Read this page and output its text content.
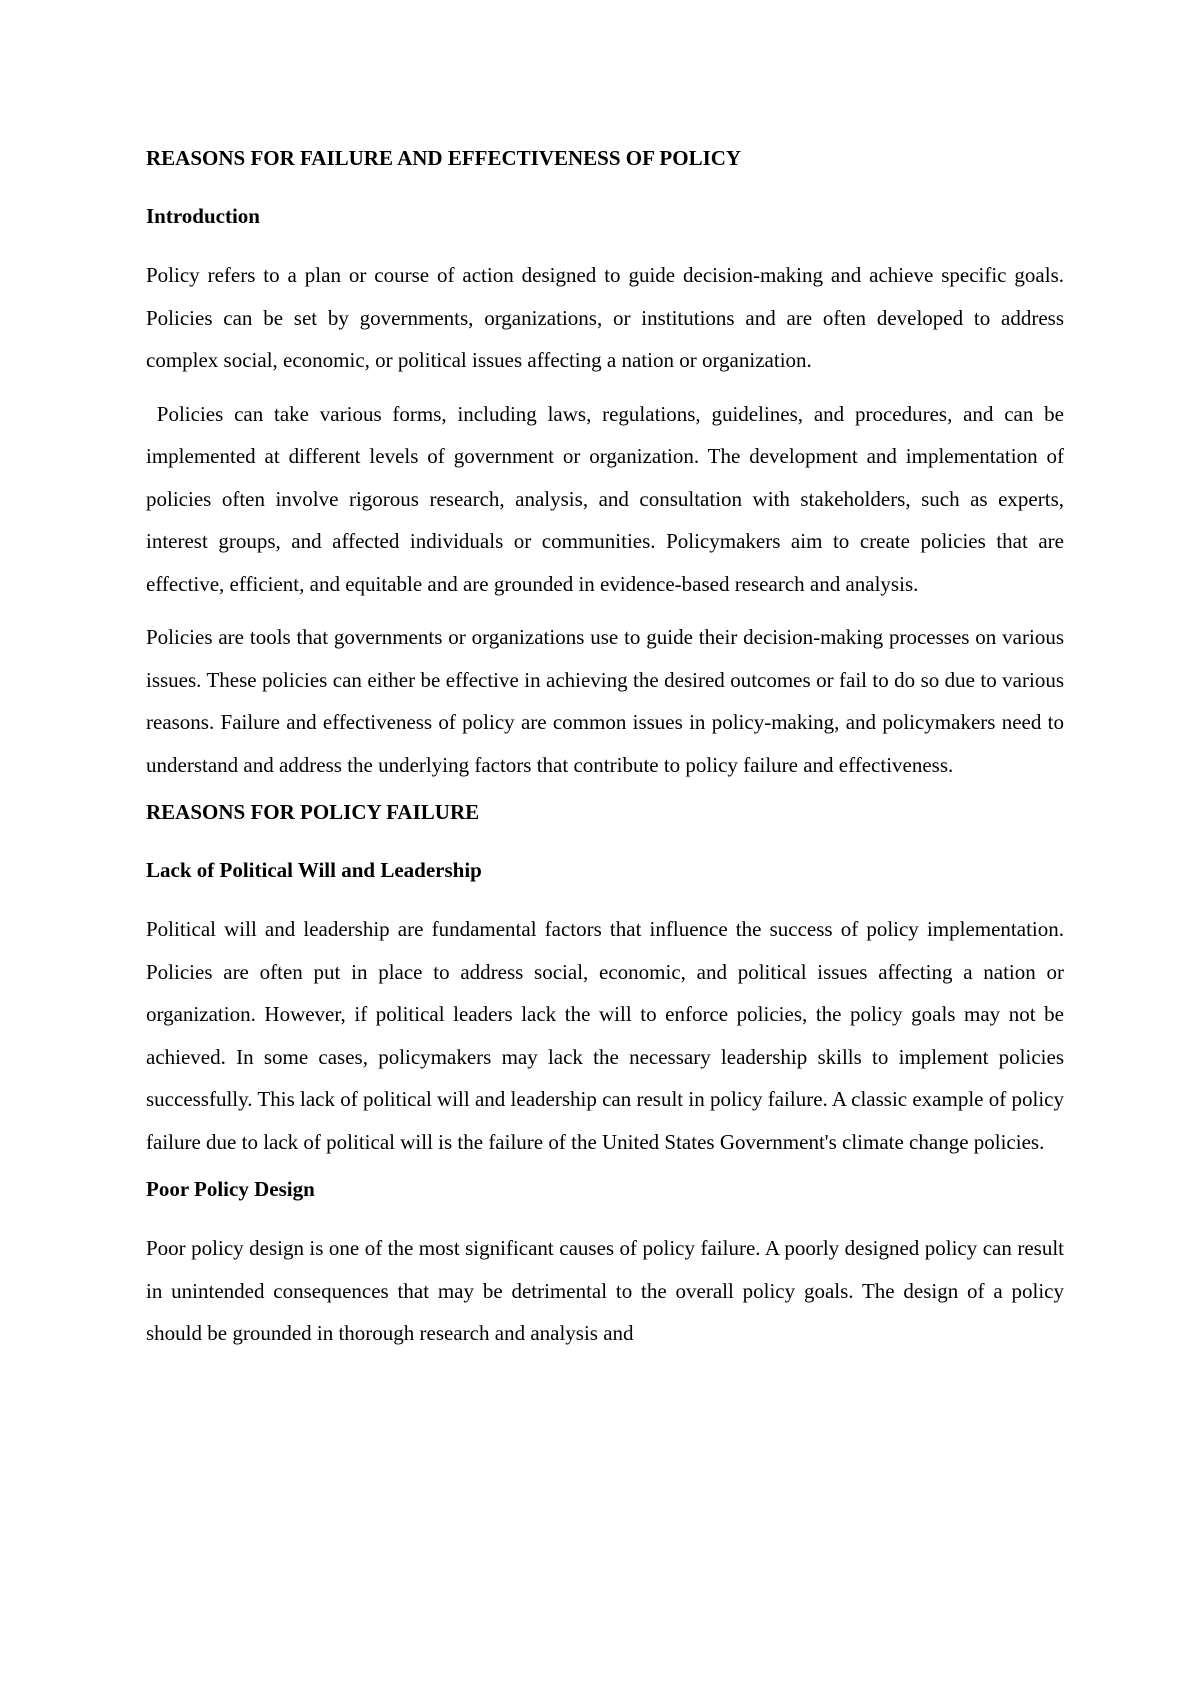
REASONS FOR FAILURE AND EFFECTIVENESS OF POLICY

Introduction

Policy refers to a plan or course of action designed to guide decision-making and achieve specific goals. Policies can be set by governments, organizations, or institutions and are often developed to address complex social, economic, or political issues affecting a nation or organization.

Policies can take various forms, including laws, regulations, guidelines, and procedures, and can be implemented at different levels of government or organization. The development and implementation of policies often involve rigorous research, analysis, and consultation with stakeholders, such as experts, interest groups, and affected individuals or communities. Policymakers aim to create policies that are effective, efficient, and equitable and are grounded in evidence-based research and analysis.

Policies are tools that governments or organizations use to guide their decision-making processes on various issues. These policies can either be effective in achieving the desired outcomes or fail to do so due to various reasons. Failure and effectiveness of policy are common issues in policy-making, and policymakers need to understand and address the underlying factors that contribute to policy failure and effectiveness.

REASONS FOR POLICY FAILURE

Lack of Political Will and Leadership

Political will and leadership are fundamental factors that influence the success of policy implementation. Policies are often put in place to address social, economic, and political issues affecting a nation or organization. However, if political leaders lack the will to enforce policies, the policy goals may not be achieved. In some cases, policymakers may lack the necessary leadership skills to implement policies successfully. This lack of political will and leadership can result in policy failure. A classic example of policy failure due to lack of political will is the failure of the United States Government's climate change policies.

Poor Policy Design

Poor policy design is one of the most significant causes of policy failure. A poorly designed policy can result in unintended consequences that may be detrimental to the overall policy goals. The design of a policy should be grounded in thorough research and analysis and
